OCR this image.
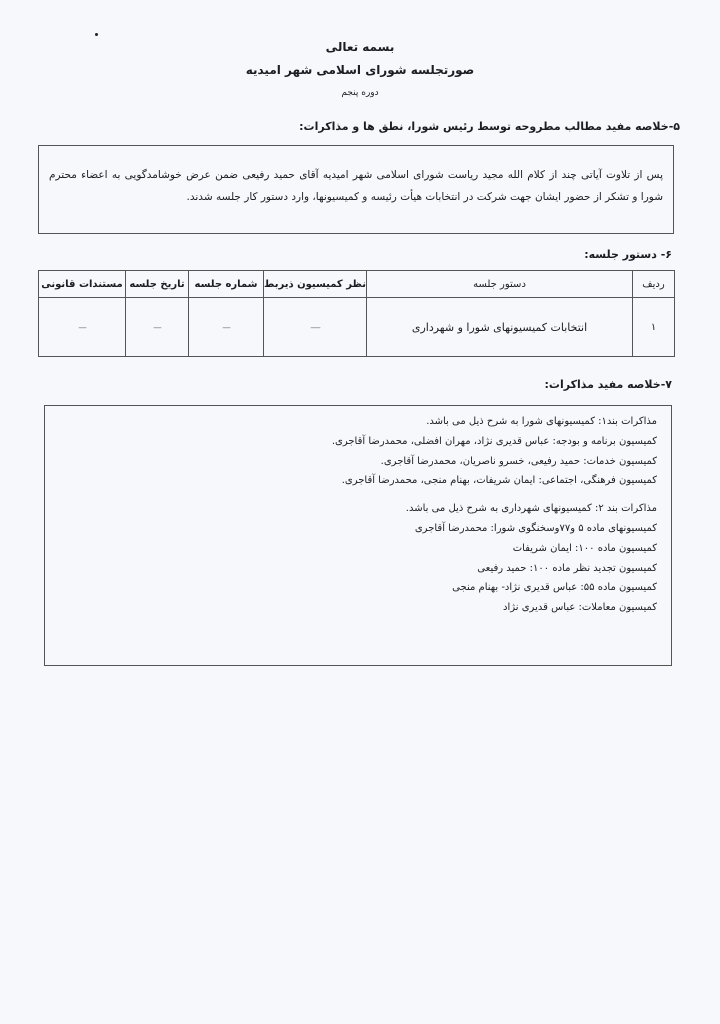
بسمه تعالی
صورتجلسه شورای اسلامی شهر امیدیه
دوره پنجم
۵-خلاصه مفید مطالب مطروحه توسط رئیس شورا، نطق ها و مذاکرات:
پس از تلاوت آیاتی چند از کلام الله مجید ریاست شورای اسلامی شهر امیدیه آقای حمید رفیعی ضمن عرض خوشامدگویی به اعضاء محترم شورا و تشکر از حضور ایشان جهت شرکت در انتخابات هیأت رئیسه و کمیسیونها، وارد دستور کار جلسه شدند.
۶- دستور جلسه:
ردیف	دستور جلسه	نظر کمیسیون ذیربط	شماره جلسه	تاریخ جلسه	مستندات قانونی
۱	انتخابات کمیسیونهای شورا و شهرداری	-----	----	----	----
۷-خلاصه مفید مذاکرات:
مذاکرات بند۱: کمیسیونهای شورا به شرح ذیل می باشد.
کمیسیون برنامه و بودجه: عباس قدیری نژاد، مهران افضلی، محمدرضا آقاجری.
کمیسیون خدمات: حمید رفیعی، خسرو ناصریان، محمدرضا آقاجری.
کمیسیون فرهنگی، اجتماعی: ایمان شریفات، بهنام منجی، محمدرضا آقاجری.
مذاکرات بند ۲: کمیسیونهای شهرداری به شرح ذیل می باشد.
کمیسیونهای ماده ۵ و۷۷وسخنگوی شورا: محمدرضا آقاجری
کمیسیون ماده ۱۰۰: ایمان شریفات
کمیسیون تجدید نظر ماده ۱۰۰: حمید رفیعی
کمیسیون ماده ۵۵: عباس قدیری نژاد- بهنام منجی
کمیسیون معاملات: عباس قدیری نژاد
